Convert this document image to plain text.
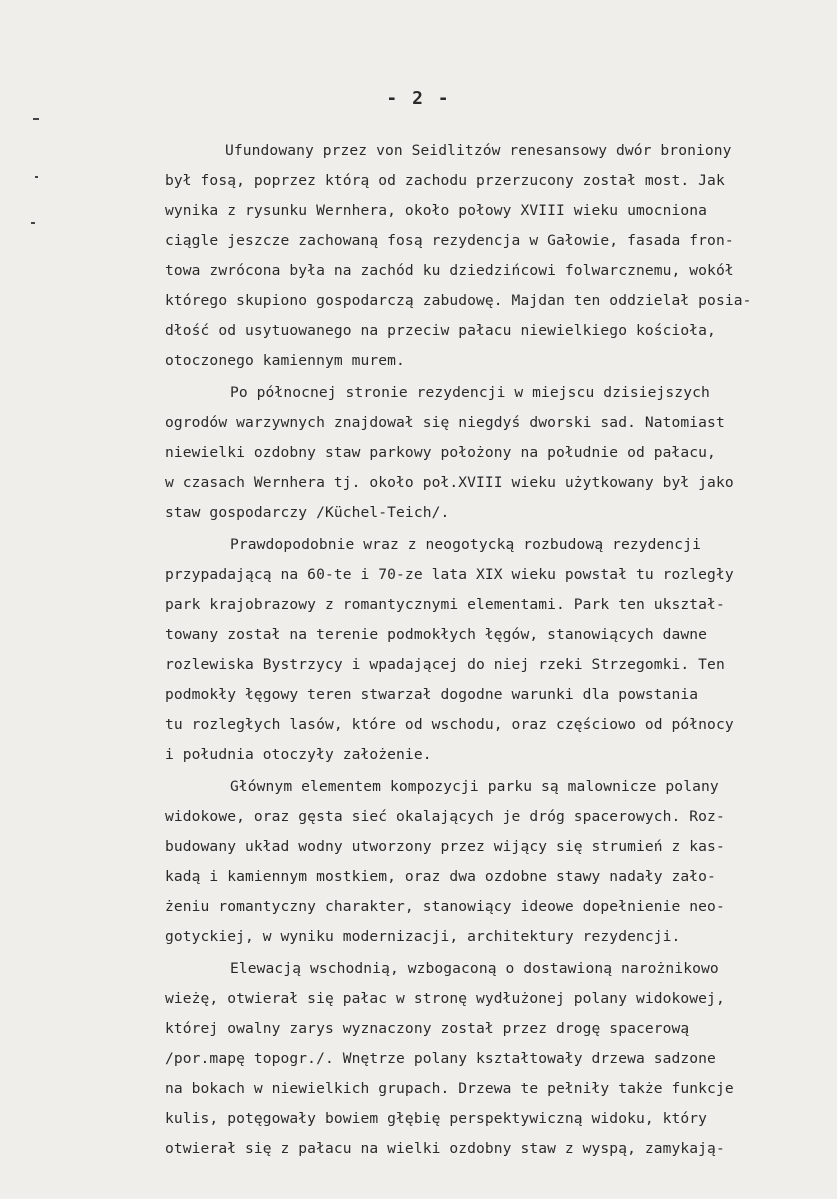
- 2 -
Ufundowany przez von Seidlitzów renesansowy dwór broniony
był fosą, poprzez którą od zachodu przerzucony został most. Jak
wynika z rysunku Wernhera, około połowy XVIII wieku umocniona
ciągle jeszcze zachowaną fosą rezydencja w Gałowie, fasada fron-
towa zwrócona była na zachód ku dziedzińcowi folwarcznemu, wokół
którego skupiono gospodarczą zabudowę. Majdan ten oddzielał posia-
dłość od usytuowanego na przeciw pałacu niewielkiego kościoła,
otoczonego kamiennym murem.
Po północnej stronie rezydencji w miejscu dzisiejszych
ogrodów warzywnych znajdował się niegdyś dworski sad. Natomiast
niewielki ozdobny staw parkowy położony na południe od pałacu,
w czasach Wernhera tj. około poł.XVIII wieku użytkowany był jako
staw gospodarczy /Küchel-Teich/.
Prawdopodobnie wraz z neogotycką rozbudową rezydencji
przypadającą na 60-te i 70-ze lata XIX wieku powstał tu rozległy
park krajobrazowy z romantycznymi elementami. Park ten ukształ-
towany został na terenie podmokłych łęgów, stanowiących dawne
rozlewiska Bystrzycy i wpadającej do niej rzeki Strzegomki. Ten
podmokły łęgowy teren stwarzał dogodne warunki dla powstania
tu rozległych lasów, które od wschodu, oraz częściowo od północy
i południa otoczyły założenie.
Głównym elementem kompozycji parku są malownicze polany
widokowe, oraz gęsta sieć okalających je dróg spacerowych. Roz-
budowany układ wodny utworzony przez wijący się strumień z kas-
kadą i kamiennym mostkiem, oraz dwa ozdobne stawy nadały zało-
żeniu romantyczny charakter, stanowiący ideowe dopełnienie neo-
gotyckiej, w wyniku modernizacji, architektury rezydencji.
Elewacją wschodnią, wzbogaconą o dostawioną narożnikowo
wieżę, otwierał się pałac w stronę wydłużonej polany widokowej,
której owalny zarys wyznaczony został przez drogę spacerową
/por.mapę topogr./. Wnętrze polany kształtowały drzewa sadzone
na bokach w niewielkich grupach. Drzewa te pełniły także funkcje
kulis, potęgowały bowiem głębię perspektywiczną widoku, który
otwierał się z pałacu na wielki ozdobny staw z wyspą, zamykają-
